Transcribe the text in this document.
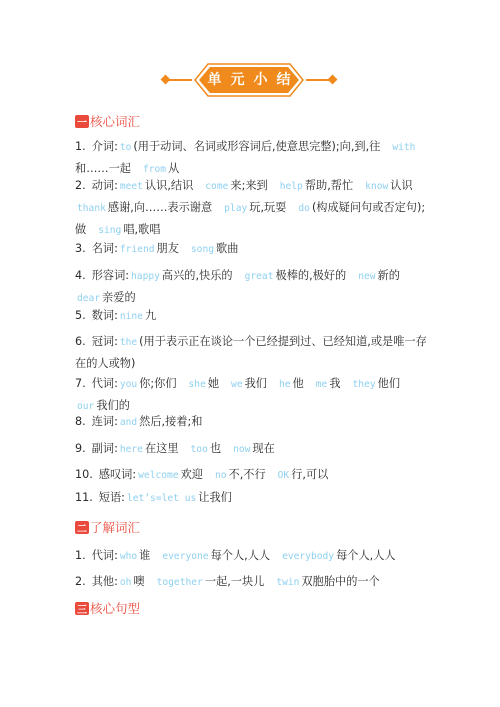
单元小结
一 核心词汇
1. 介词: to (用于动词、名词或形容词后,使意思完整);向,到,往 with和……一起 from 从
2. 动词: meet 认识,结识 come 来;来到 help 帮助,帮忙 know 认识thank 感谢,向……表示谢意 play 玩,玩耍 do (构成疑问句或否定句);做 sing 唱,歌唱
3. 名词: friend 朋友 song 歌曲
4. 形容词: happy 高兴的,快乐的 great 极棒的,极好的 new 新的dear 亲爱的
5. 数词: nine 九
6. 冠词: the (用于表示正在谈论一个已经提到过、已经知道,或是唯一存在的人或物)
7. 代词: you 你;你们 she 她 we 我们 he 他 me 我 they 他们our 我们的
8. 连词: and 然后,接着;和
9. 副词: here 在这里 too 也 now 现在
10. 感叹词: welcome 欢迎 no 不,不行 OK 行,可以
11. 短语: let’s=let us 让我们
二 了解词汇
1. 代词: who 谁 everyone 每个人,人人 everybody 每个人,人人
2. 其他: oh 噢 together 一起,一块儿 twin 双胞胎中的一个
三 核心句型
